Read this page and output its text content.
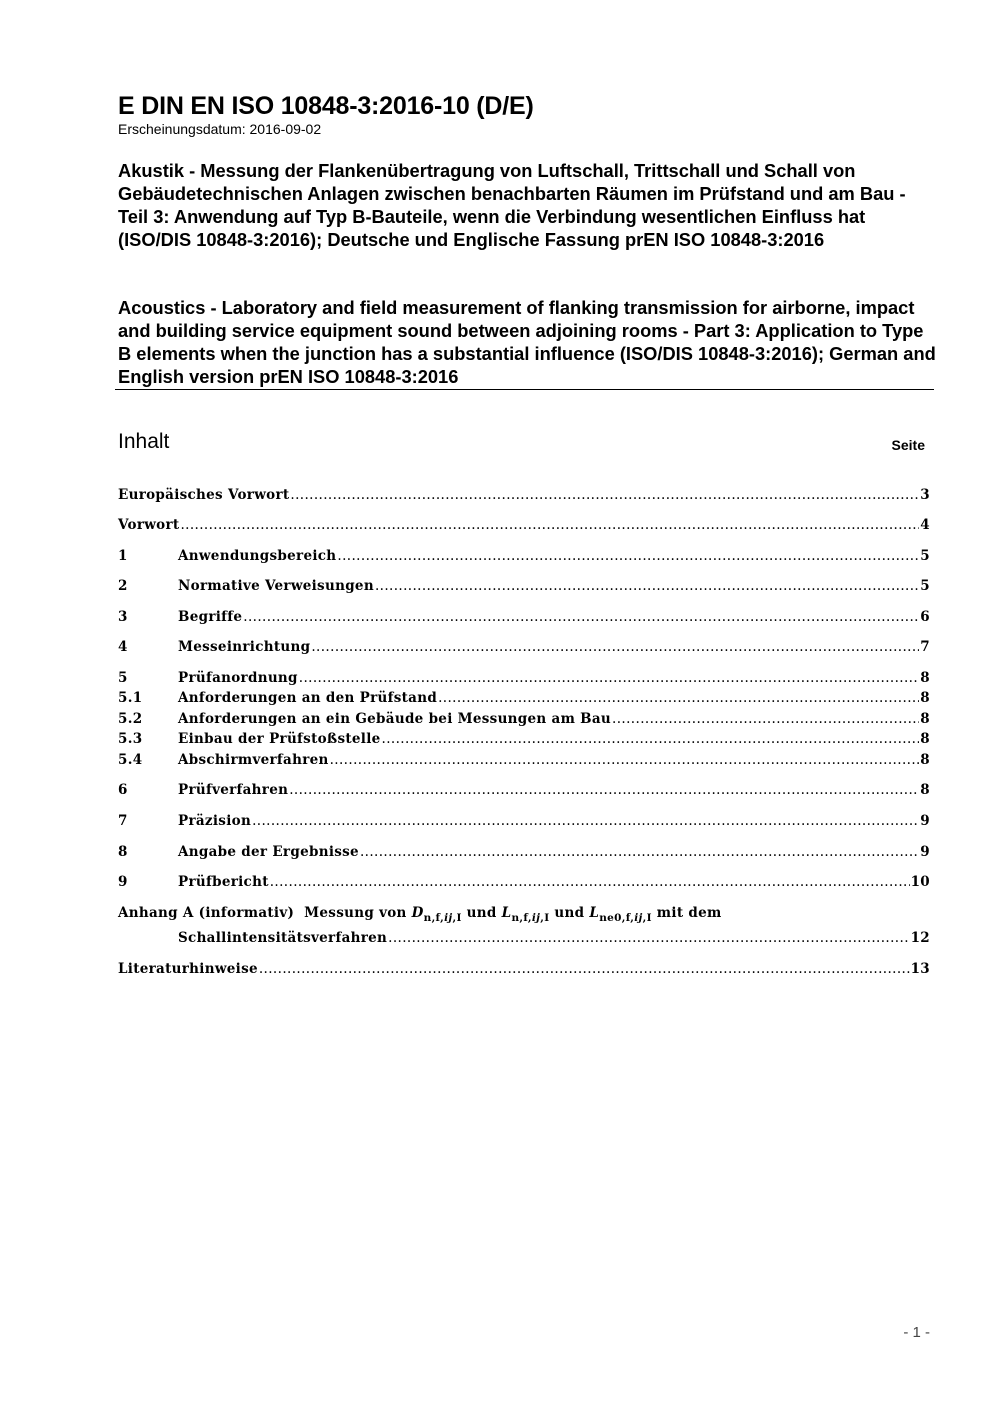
E DIN EN ISO 10848-3:2016-10 (D/E)
Erscheinungsdatum: 2016-09-02
Akustik - Messung der Flankenübertragung von Luftschall, Trittschall und Schall von Gebäudetechnischen Anlagen zwischen benachbarten Räumen im Prüfstand und am Bau - Teil 3: Anwendung auf Typ B-Bauteile, wenn die Verbindung wesentlichen Einfluss hat (ISO/DIS 10848-3:2016); Deutsche und Englische Fassung prEN ISO 10848-3:2016
Acoustics - Laboratory and field measurement of flanking transmission for airborne, impact and building service equipment sound between adjoining rooms - Part 3: Application to Type B elements when the junction has a substantial influence (ISO/DIS 10848-3:2016); German and English version prEN ISO 10848-3:2016
Inhalt	Seite
Europäisches Vorwort .....	3
Vorwort .....	4
1	Anwendungsbereich .....	5
2	Normative Verweisungen .....	5
3	Begriffe .....	6
4	Messeinrichtung .....	7
5	Prüfanordnung .....	8
5.1	Anforderungen an den Prüfstand .....	8
5.2	Anforderungen an ein Gebäude bei Messungen am Bau .....	8
5.3	Einbau der Prüfstoßstelle .....	8
5.4	Abschirmverfahren .....	8
6	Prüfverfahren .....	8
7	Präzision .....	9
8	Angabe der Ergebnisse .....	9
9	Prüfbericht .....	10
Anhang A (informativ)  Messung von $D_{n,f,ij,I}$ und $L_{n,f,ij,I}$ und $L_{ne0,f,ij,I}$ mit dem
Schallintensitätsverfahren .....	12
Literaturhinweise .....	13
- 1 -
